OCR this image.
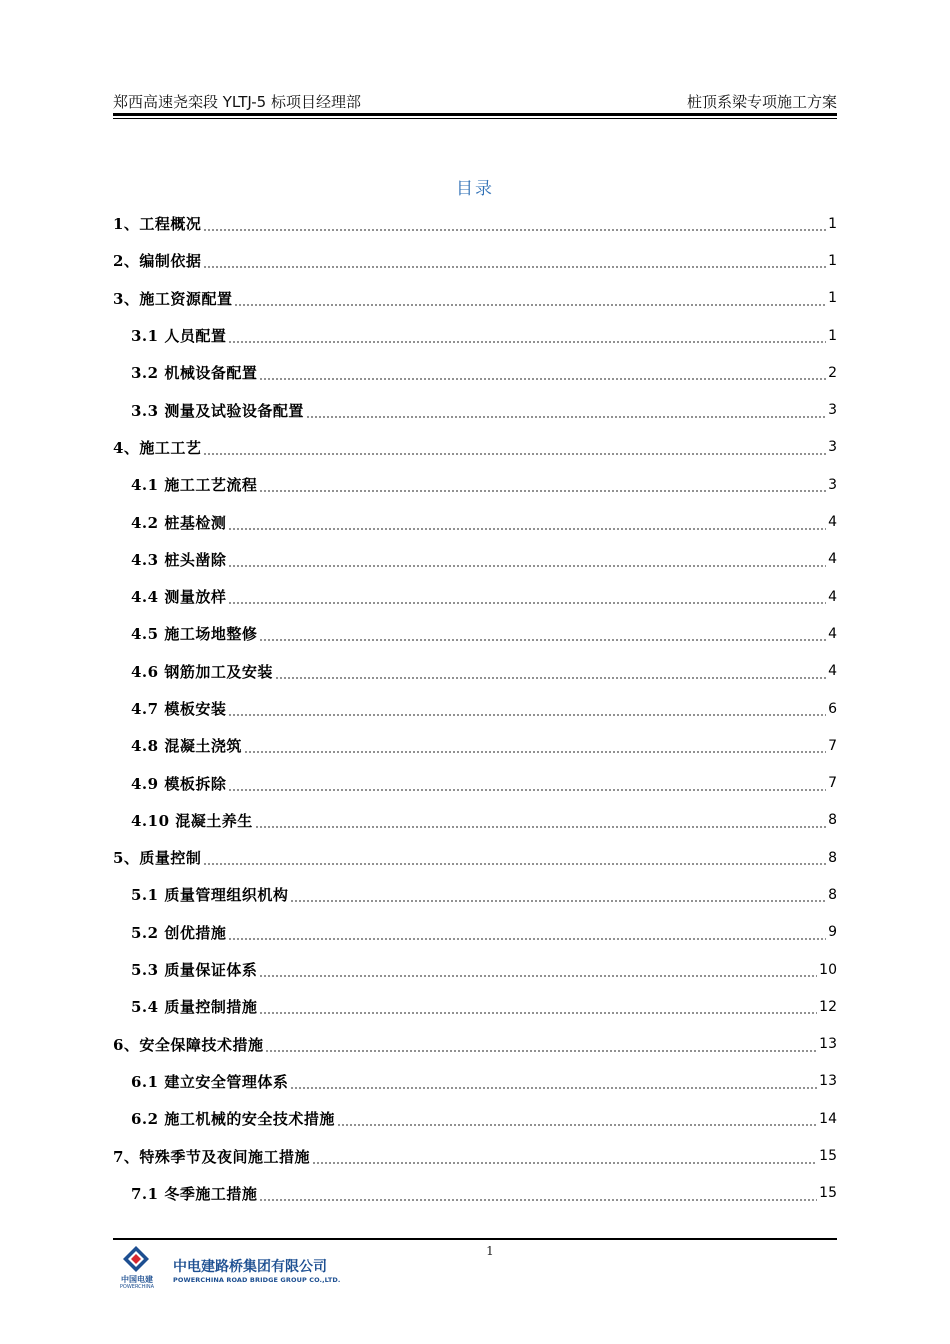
郑西高速尧栾段 YLTJ-5 标项目经理部	桩顶系梁专项施工方案
目录
1、工程概况	1
2、编制依据	1
3、施工资源配置	1
3.1 人员配置	1
3.2 机械设备配置	2
3.3 测量及试验设备配置	3
4、施工工艺	3
4.1 施工工艺流程	3
4.2 桩基检测	4
4.3 桩头凿除	4
4.4 测量放样	4
4.5 施工场地整修	4
4.6 钢筋加工及安装	4
4.7 模板安装	6
4.8 混凝土浇筑	7
4.9 模板拆除	7
4.10 混凝土养生	8
5、质量控制	8
5.1 质量管理组织机构	8
5.2 创优措施	9
5.3 质量保证体系	10
5.4 质量控制措施	12
6、安全保障技术措施	13
6.1 建立安全管理体系	13
6.2 施工机械的安全技术措施	14
7、特殊季节及夜间施工措施	15
7.1 冬季施工措施	15
1
中国电建
POWERCHINA
中电建路桥集团有限公司
POWERCHINA ROAD BRIDGE GROUP CO.,LTD.
